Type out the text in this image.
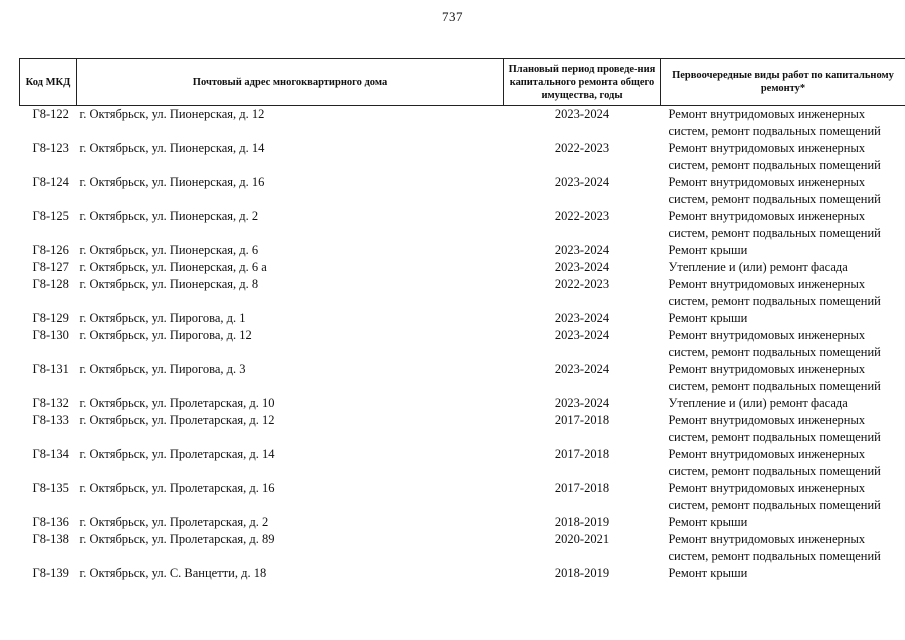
737
Код МКД	Почтовый адрес многоквартирного дома	Плановый период проведе-ния капитального ремонта общего имущества, годы	Первоочередные виды работ по капитальному ремонту*
Г8-122	г. Октябрьск, ул. Пионерская, д. 12	2023-2024	Ремонт внутридомовых инженерных систем, ремонт подвальных помещений
Г8-123	г. Октябрьск, ул. Пионерская, д. 14	2022-2023	Ремонт внутридомовых инженерных систем, ремонт подвальных помещений
Г8-124	г. Октябрьск, ул. Пионерская, д. 16	2023-2024	Ремонт внутридомовых инженерных систем, ремонт подвальных помещений
Г8-125	г. Октябрьск, ул. Пионерская, д. 2	2022-2023	Ремонт внутридомовых инженерных систем, ремонт подвальных помещений
Г8-126	г. Октябрьск, ул. Пионерская, д. 6	2023-2024	Ремонт крыши
Г8-127	г. Октябрьск, ул. Пионерская, д. 6 а	2023-2024	Утепление и (или) ремонт фасада
Г8-128	г. Октябрьск, ул. Пионерская, д. 8	2022-2023	Ремонт внутридомовых инженерных систем, ремонт подвальных помещений
Г8-129	г. Октябрьск, ул. Пирогова, д. 1	2023-2024	Ремонт крыши
Г8-130	г. Октябрьск, ул. Пирогова, д. 12	2023-2024	Ремонт внутридомовых инженерных систем, ремонт подвальных помещений
Г8-131	г. Октябрьск, ул. Пирогова, д. 3	2023-2024	Ремонт внутридомовых инженерных систем, ремонт подвальных помещений
Г8-132	г. Октябрьск, ул. Пролетарская, д. 10	2023-2024	Утепление и (или) ремонт фасада
Г8-133	г. Октябрьск, ул. Пролетарская, д. 12	2017-2018	Ремонт внутридомовых инженерных систем, ремонт подвальных помещений
Г8-134	г. Октябрьск, ул. Пролетарская, д. 14	2017-2018	Ремонт внутридомовых инженерных систем, ремонт подвальных помещений
Г8-135	г. Октябрьск, ул. Пролетарская, д. 16	2017-2018	Ремонт внутридомовых инженерных систем, ремонт подвальных помещений
Г8-136	г. Октябрьск, ул. Пролетарская, д. 2	2018-2019	Ремонт крыши
Г8-138	г. Октябрьск, ул. Пролетарская, д. 89	2020-2021	Ремонт внутридомовых инженерных систем, ремонт подвальных помещений
Г8-139	г. Октябрьск, ул. С. Ванцетти, д. 18	2018-2019	Ремонт крыши
